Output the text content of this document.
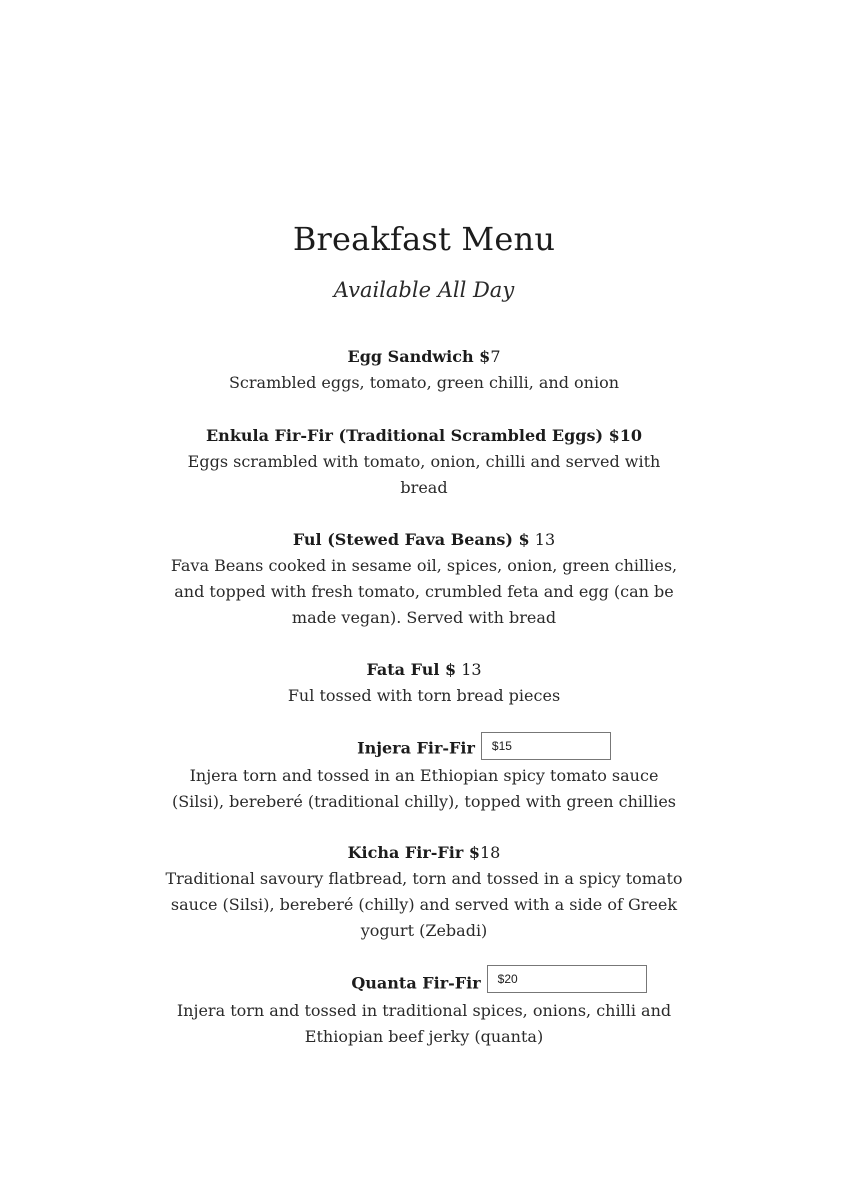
Breakfast Menu
Available All Day
Egg Sandwich $7
Scrambled eggs, tomato, green chilli, and onion
Enkula Fir-Fir (Traditional Scrambled Eggs) $10
Eggs scrambled with tomato, onion, chilli and served with
bread
Ful (Stewed Fava Beans) $ 13
Fava Beans cooked in sesame oil, spices, onion, green chillies,
and topped with fresh tomato, crumbled feta and egg (can be
made vegan). Served with bread
Fata Ful $ 13
Ful tossed with torn bread pieces
Injera Fir-Fir $15
Injera torn and tossed in an Ethiopian spicy tomato sauce
(Silsi), bereberé (traditional chilly), topped with green chillies
Kicha Fir-Fir $18
Traditional savoury flatbread, torn and tossed in a spicy tomato
sauce (Silsi), bereberé (chilly) and served with a side of Greek
yogurt (Zebadi)
Quanta Fir-Fir $20
Injera torn and tossed in traditional spices, onions, chilli and
Ethiopian beef jerky (quanta)
